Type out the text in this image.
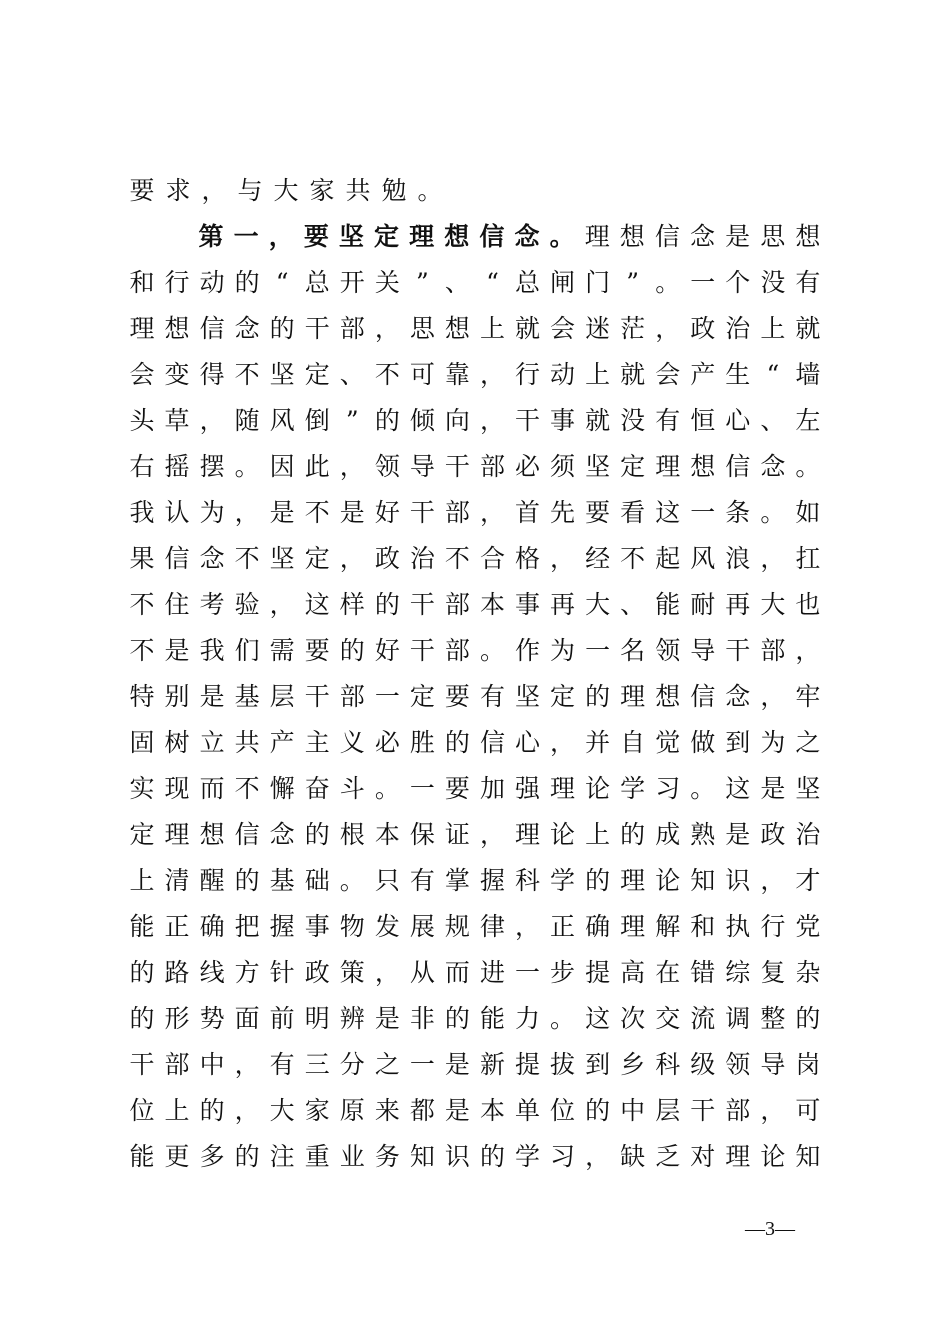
要 求 ， 与 大 家 共 勉 。
第 一 ， 要 坚 定 理 想 信 念 。 理 想 信 念 是 思 想
和 行 动 的 “ 总 开 关 ” 、 “ 总 闸 门 ” 。 一 个 没 有
理 想 信 念 的 干 部 ， 思 想 上 就 会 迷 茫 ， 政 治 上 就
会 变 得 不 坚 定 、 不 可 靠 ， 行 动 上 就 会 产 生 “ 墙
头 草 ， 随 风 倒 ” 的 倾 向 ， 干 事 就 没 有 恒 心 、 左
右 摇 摆 。 因 此 ， 领 导 干 部 必 须 坚 定 理 想 信 念 。
我 认 为 ， 是 不 是 好 干 部 ， 首 先 要 看 这 一 条 。 如
果 信 念 不 坚 定 ， 政 治 不 合 格 ， 经 不 起 风 浪 ， 扛
不 住 考 验 ， 这 样 的 干 部 本 事 再 大 、 能 耐 再 大 也
不 是 我 们 需 要 的 好 干 部 。 作 为 一 名 领 导 干 部 ，
特 别 是 基 层 干 部 一 定 要 有 坚 定 的 理 想 信 念 ， 牢
固 树 立 共 产 主 义 必 胜 的 信 心 ， 并 自 觉 做 到 为 之
实 现 而 不 懈 奋 斗 。 一 要 加 强 理 论 学 习 。 这 是 坚
定 理 想 信 念 的 根 本 保 证 ， 理 论 上 的 成 熟 是 政 治
上 清 醒 的 基 础 。 只 有 掌 握 科 学 的 理 论 知 识 ， 才
能 正 确 把 握 事 物 发 展 规 律 ， 正 确 理 解 和 执 行 党
的 路 线 方 针 政 策 ， 从 而 进 一 步 提 高 在 错 综 复 杂
的 形 势 面 前 明 辨 是 非 的 能 力 。 这 次 交 流 调 整 的
干 部 中 ， 有 三 分 之 一 是 新 提 拔 到 乡 科 级 领 导 岗
位 上 的 ， 大 家 原 来 都 是 本 单 位 的 中 层 干 部 ， 可
能 更 多 的 注 重 业 务 知 识 的 学 习 ， 缺 乏 对 理 论 知
—3—
